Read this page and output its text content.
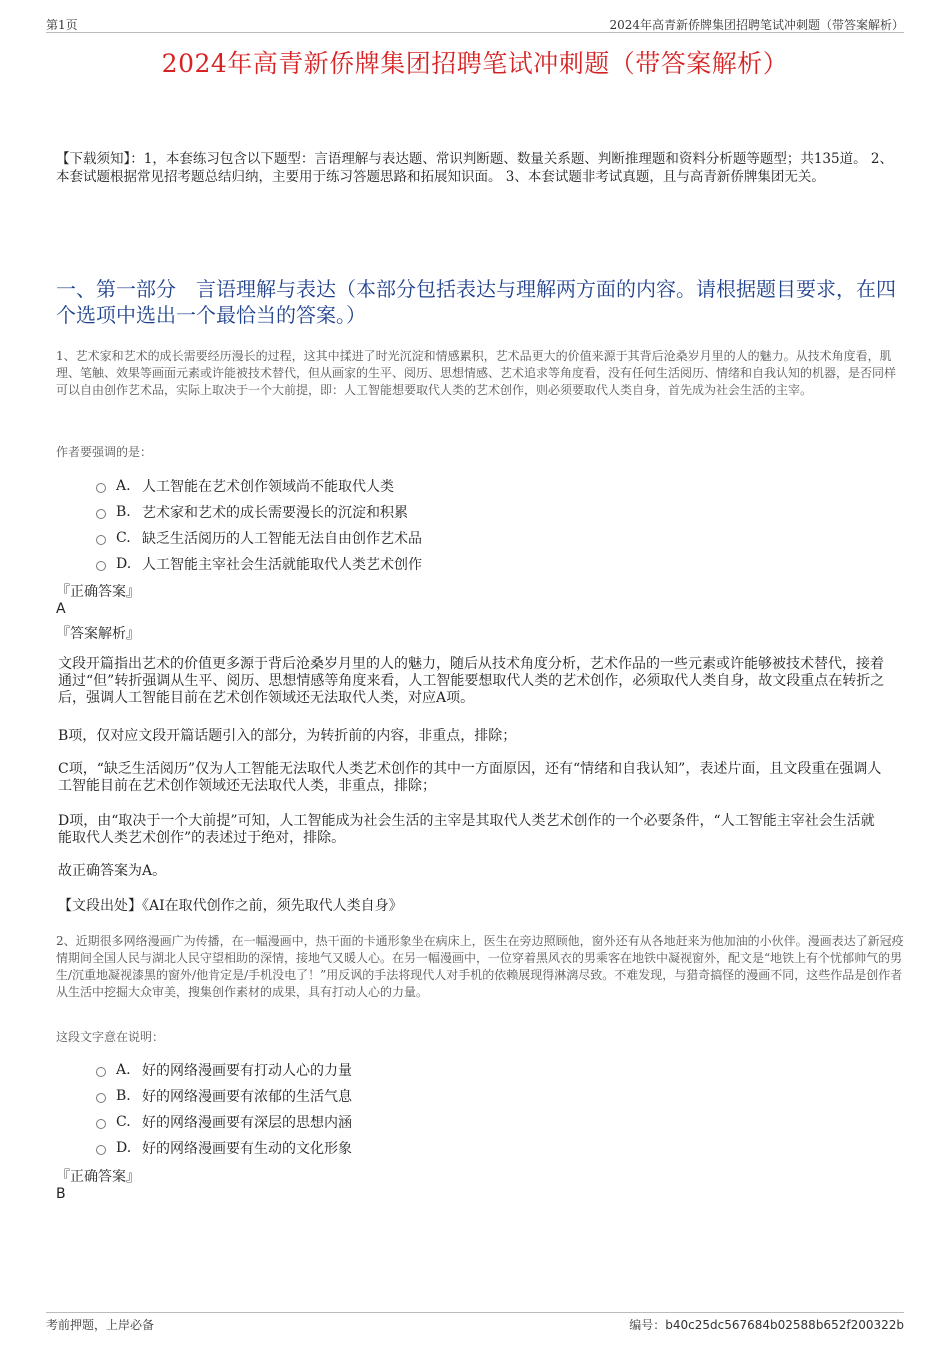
第1页	2024年高青新侨牌集团招聘笔试冲刺题（带答案解析）
2024年高青新侨牌集团招聘笔试冲刺题（带答案解析）
【下载须知】：1，本套练习包含以下题型：言语理解与表达题、常识判断题、数量关系题、判断推理题和资料分析题等题型；共135道。 2、本套试题根据常见招考题总结归纳，主要用于练习答题思路和拓展知识面。 3、本套试题非考试真题，且与高青新侨牌集团无关。
一、第一部分　言语理解与表达（本部分包括表达与理解两方面的内容。请根据题目要求，在四个选项中选出一个最恰当的答案。）
1、艺术家和艺术的成长需要经历漫长的过程，这其中揉进了时光沉淀和情感累积，艺术品更大的价值来源于其背后沧桑岁月里的人的魅力。从技术角度看，肌理、笔触、效果等画面元素或许能被技术替代，但从画家的生平、阅历、思想情感、艺术追求等角度看，没有任何生活阅历、情绪和自我认知的机器，是否同样可以自由创作艺术品，实际上取决于一个大前提，即：人工智能想要取代人类的艺术创作，则必须要取代人类自身，首先成为社会生活的主宰。
作者要强调的是：
A. 人工智能在艺术创作领域尚不能取代人类
B. 艺术家和艺术的成长需要漫长的沉淀和积累
C. 缺乏生活阅历的人工智能无法自由创作艺术品
D. 人工智能主宰社会生活就能取代人类艺术创作
『正确答案』
A
『答案解析』
文段开篇指出艺术的价值更多源于背后沧桑岁月里的人的魅力，随后从技术角度分析，艺术作品的一些元素或许能够被技术替代，接着通过“但”转折强调从生平、阅历、思想情感等角度来看，人工智能要想取代人类的艺术创作，必须取代人类自身，故文段重点在转折之后，强调人工智能目前在艺术创作领域还无法取代人类，对应A项。
B项，仅对应文段开篇话题引入的部分，为转折前的内容，非重点，排除；
C项，“缺乏生活阅历”仅为人工智能无法取代人类艺术创作的其中一方面原因，还有“情绪和自我认知”，表述片面，且文段重在强调人工智能目前在艺术创作领域还无法取代人类，非重点，排除；
D项，由“取决于一个大前提”可知，人工智能成为社会生活的主宰是其取代人类艺术创作的一个必要条件，“人工智能主宰社会生活就能取代人类艺术创作”的表述过于绝对，排除。
故正确答案为A。
【文段出处】《AI在取代创作之前，须先取代人类自身》
2、近期很多网络漫画广为传播，在一幅漫画中，热干面的卡通形象坐在病床上，医生在旁边照顾他，窗外还有从各地赶来为他加油的小伙伴。漫画表达了新冠疫情期间全国人民与湖北人民守望相助的深情，接地气又暖人心。在另一幅漫画中，一位穿着黑风衣的男乘客在地铁中凝视窗外，配文是“地铁上有个忧郁帅气的男生/沉重地凝视漆黑的窗外/他肯定是/手机没电了！”用反讽的手法将现代人对手机的依赖展现得淋漓尽致。不难发现，与猎奇搞怪的漫画不同，这些作品是创作者从生活中挖掘大众审美，搜集创作素材的成果，具有打动人心的力量。
这段文字意在说明：
A. 好的网络漫画要有打动人心的力量
B. 好的网络漫画要有浓郁的生活气息
C. 好的网络漫画要有深层的思想内涵
D. 好的网络漫画要有生动的文化形象
『正确答案』
B
考前押题，上岸必备	编号：b40c25dc567684b02588b652f200322b
